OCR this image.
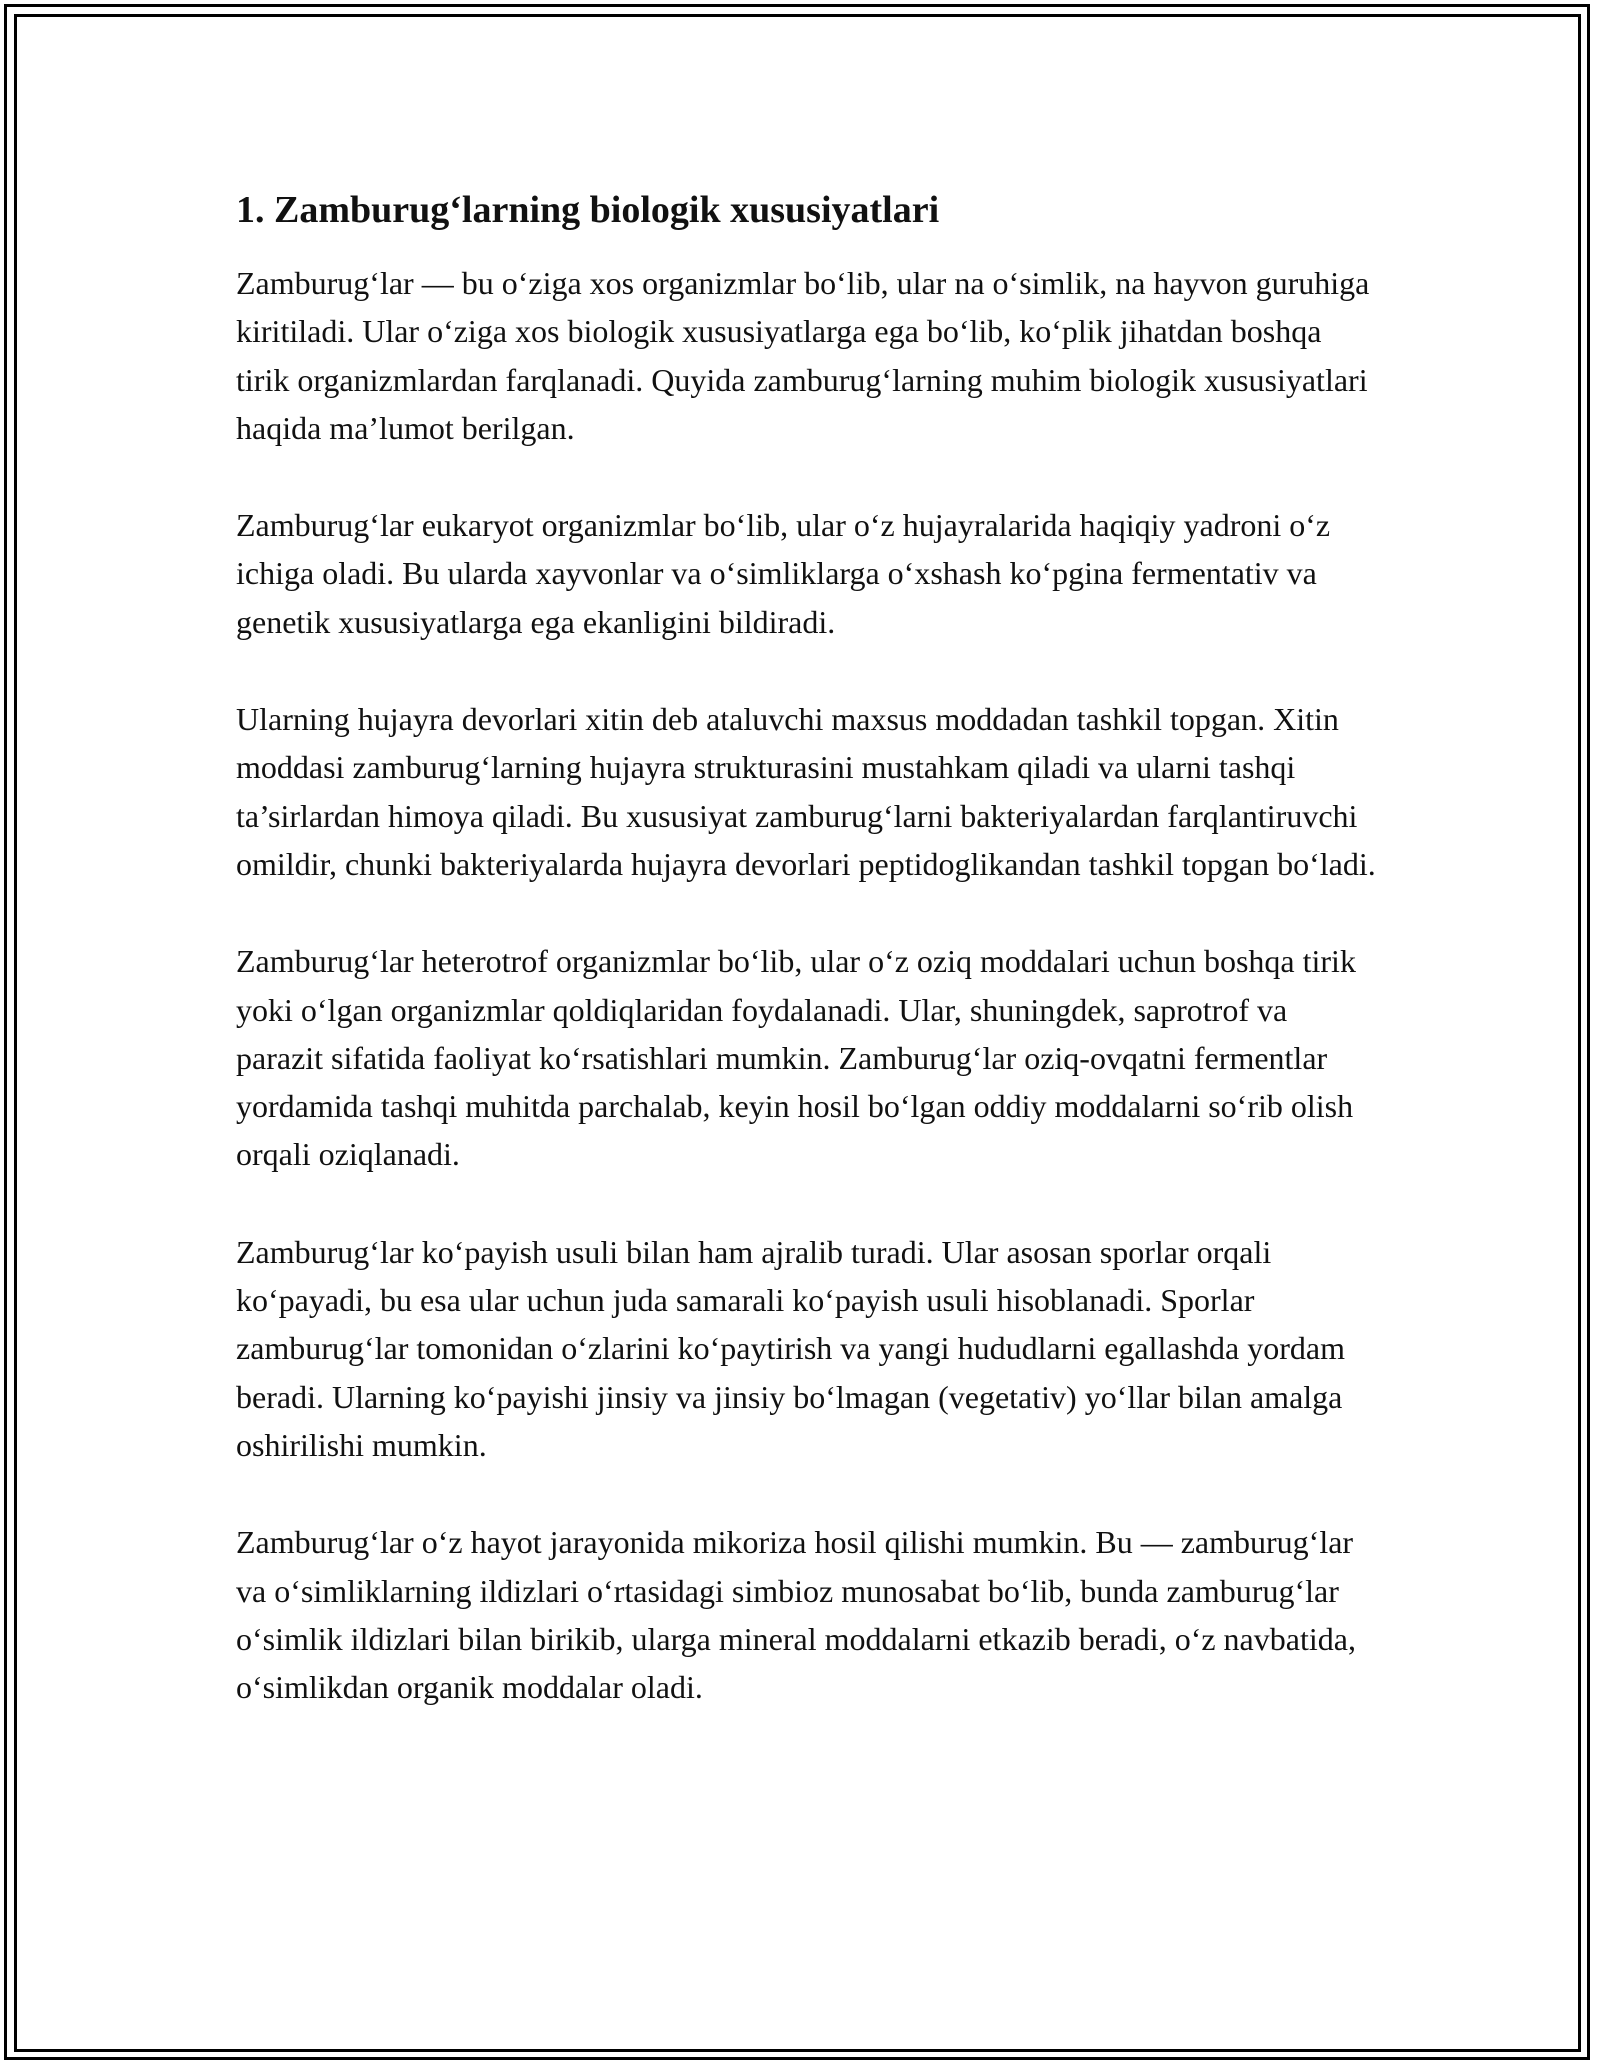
1. Zamburug‘larning biologik xususiyatlari

Zamburug‘lar — bu o‘ziga xos organizmlar bo‘lib, ular na o‘simlik, na hayvon guruhiga kiritiladi. Ular o‘ziga xos biologik xususiyatlarga ega bo‘lib, ko‘plik jihatdan boshqa tirik organizmlardan farqlanadi. Quyida zamburug‘larning muhim biologik xususiyatlari haqida ma’lumot berilgan.

Zamburug‘lar eukaryot organizmlar bo‘lib, ular o‘z hujayralarida haqiqiy yadroni o‘z ichiga oladi. Bu ularda xayvonlar va o‘simliklarga o‘xshash ko‘pgina fermentativ va genetik xususiyatlarga ega ekanligini bildiradi.

Ularning hujayra devorlari xitin deb ataluvchi maxsus moddadan tashkil topgan. Xitin moddasi zamburug‘larning hujayra strukturasini mustahkam qiladi va ularni tashqi ta’sirlardan himoya qiladi. Bu xususiyat zamburug‘larni bakteriyalardan farqlantiruvchi omildir, chunki bakteriyalarda hujayra devorlari peptidoglikandan tashkil topgan bo‘ladi.

Zamburug‘lar heterotrof organizmlar bo‘lib, ular o‘z oziq moddalari uchun boshqa tirik yoki o‘lgan organizmlar qoldiqlaridan foydalanadi. Ular, shuningdek, saprotrof va parazit sifatida faoliyat ko‘rsatishlari mumkin. Zamburug‘lar oziq-ovqatni fermentlar yordamida tashqi muhitda parchalab, keyin hosil bo‘lgan oddiy moddalarni so‘rib olish orqali oziqlanadi.

Zamburug‘lar ko‘payish usuli bilan ham ajralib turadi. Ular asosan sporlar orqali ko‘payadi, bu esa ular uchun juda samarali ko‘payish usuli hisoblanadi. Sporlar zamburug‘lar tomonidan o‘zlarini ko‘paytirish va yangi hududlarni egallashda yordam beradi. Ularning ko‘payishi jinsiy va jinsiy bo‘lmagan (vegetativ) yo‘llar bilan amalga oshirilishi mumkin.

Zamburug‘lar o‘z hayot jarayonida mikoriza hosil qilishi mumkin. Bu — zamburug‘lar va o‘simliklarning ildizlari o‘rtasidagi simbioz munosabat bo‘lib, bunda zamburug‘lar o‘simlik ildizlari bilan birikib, ularga mineral moddalarni etkazib beradi, o‘z navbatida, o‘simlikdan organik moddalar oladi.
